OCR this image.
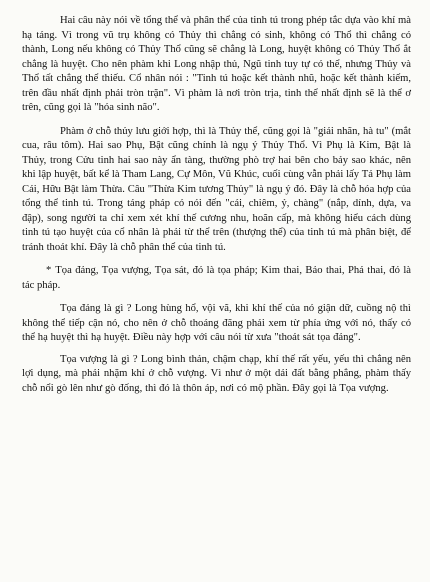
Hai câu này nói về tổng thể và phân thể của tinh tú trong phép tắc dựa vào khí mà hạ táng. Vì trong vũ trụ không có Thủy thì chẳng có sinh, không có Thổ thì chẳng có thành, Long nếu không có Thủy Thổ cũng sẽ chẳng là Long, huyệt không có Thủy Thổ ắt chẳng là huyệt. Cho nên phàm khi Long nhập thủ, Ngũ tinh tuy tự có thể, nhưng Thủy và Thổ tất chẳng thể thiếu. Cổ nhân nói : "Tinh tú hoặc kết thành nhũ, hoặc kết thành kiếm, trên đầu nhất định phải tròn trặn". Vì phàm là nơi tròn trịa, tinh thể nhất định sẽ là thể ơ trên, cũng gọi là "hóa sinh não".

Phàm ở chỗ thủy lưu giới hợp, thì là Thủy thể, cũng gọi là "giải nhãn, hà tu" (mắt cua, râu tôm). Hai sao Phụ, Bật cũng chính là ngụ ý Thủy Thổ. Vì Phụ là Kim, Bật là Thủy, trong Cửu tinh hai sao này ẩn tàng, thường phò trợ hai bên cho bảy sao khác, nên khi lập huyệt, bất kể là Tham Lang, Cự Môn, Vũ Khúc, cuối cùng vẫn phải lấy Tả Phụ làm Cái, Hữu Bật làm Thừa. Câu "Thừa Kim tương Thủy" là ngụ ý đó. Đây là chỗ hóa hợp của tổng thể tinh tú. Trong táng pháp có nói đến "cái, chiêm, ỷ, chàng" (nắp, dính, dựa, va đập), song người ta chỉ xem xét khí thế cương nhu, hoãn cấp, mà không hiểu cách dùng tinh tú tạo huyệt của cổ nhân là phải từ thể trên (thượng thể) của tinh tú mà phân biệt, để tránh thoát khí. Đây là chỗ phân thể của tinh tú.

* Tọa đảng, Tọa vượng, Tọa sát, đó là tọa pháp; Kim thai, Bảo thai, Phá thai, đó là tác pháp.

Tọa đảng là gì ? Long hùng hổ, vội vã, khi khí thế của nó giận dữ, cuồng nộ thì không thể tiếp cận nó, cho nên ở chỗ thoáng đãng phải xem từ phía ứng với nó, thấy có thể hạ huyệt thì hạ huyệt. Điều này hợp với câu nói từ xưa "thoát sát tọa đảng".

Tọa vượng là gì ? Long bình thản, chậm chạp, khí thế rất yếu, yếu thì chẳng nên lợi dụng, mà phải nhặm khí ở chỗ vượng. Vì như ở một dải đất bằng phẳng, phàm thấy chỗ nổi gò lên như gò đống, thì đó là thôn áp, nơi có mộ phần. Đây gọi là Tọa vượng.
